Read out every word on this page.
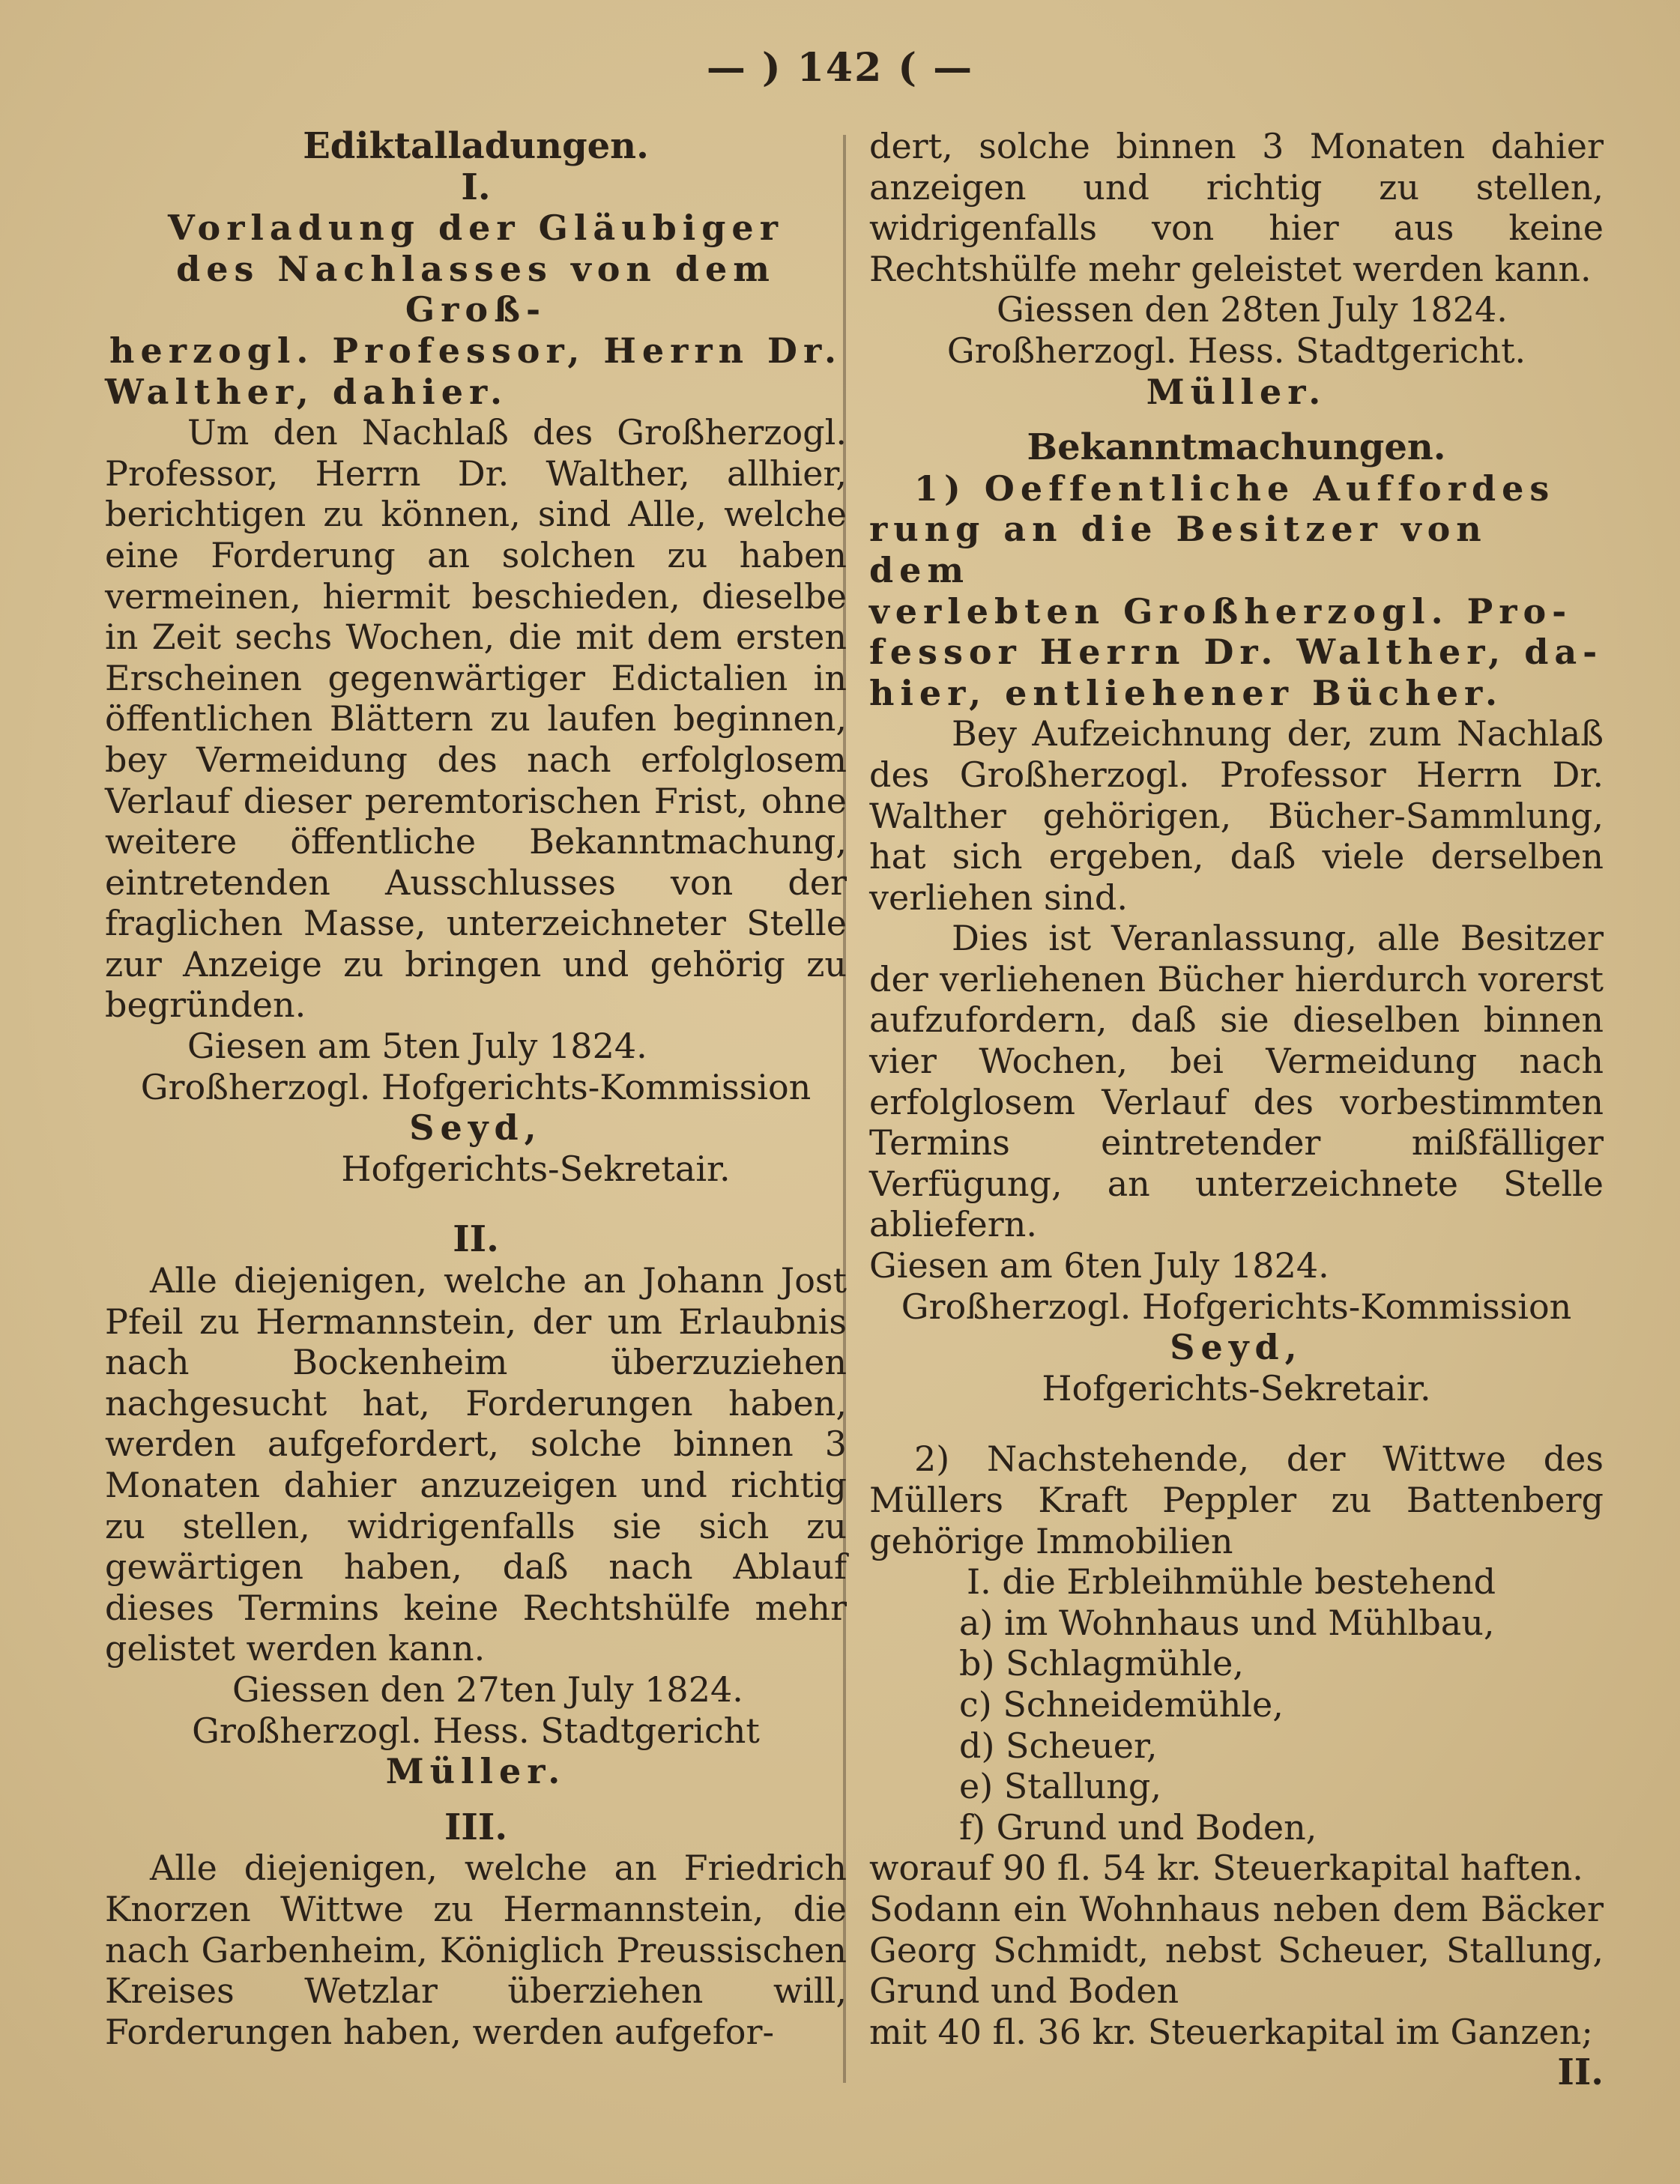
— ) 142 ( —

Ediktalladungen.

I.

Vorladung der Gläubiger

des Nachlasses von dem Groß-

herzogl. Professor, Herrn Dr.

Walther, dahier.

Um den Nachlaß des Großherzogl. Professor, Herrn Dr. Walther, allhier, berichtigen zu können, sind Alle, welche eine Forderung an solchen zu haben vermeinen, hiermit beschieden, dieselbe in Zeit sechs Wochen, die mit dem ersten Erscheinen gegenwärtiger Edictalien in öffentlichen Blättern zu laufen beginnen, bey Vermeidung des nach erfolglosem Verlauf dieser peremtorischen Frist, ohne weitere öffentliche Bekanntmachung, eintretenden Ausschlusses von der fraglichen Masse, unterzeichneter Stelle zur Anzeige zu bringen und gehörig zu begründen.

Giesen am 5ten July 1824.

Großherzogl. Hofgerichts-Kommission

Seyd,

Hofgerichts-Sekretair.

II.

Alle diejenigen, welche an Johann Jost Pfeil zu Hermannstein, der um Erlaubnis nach Bockenheim überzuziehen nachgesucht hat, Forderungen haben, werden aufgefordert, solche binnen 3 Monaten dahier anzuzeigen und richtig zu stellen, widrigenfalls sie sich zu gewärtigen haben, daß nach Ablauf dieses Termins keine Rechtshülfe mehr gelistet werden kann.

Giessen den 27ten July 1824.

Großherzogl. Hess. Stadtgericht

Müller.

III.

Alle diejenigen, welche an Friedrich Knorzen Wittwe zu Hermannstein, die nach Garbenheim, Königlich Preussischen Kreises Wetzlar überziehen will, Forderungen haben, werden aufgefor-

dert, solche binnen 3 Monaten dahier anzeigen und richtig zu stellen, widrigenfalls von hier aus keine Rechtshülfe mehr geleistet werden kann.

Giessen den 28ten July 1824.

Großherzogl. Hess. Stadtgericht.

Müller.

Bekanntmachungen.

1) Oeffentliche Auffordes

rung an die Besitzer von dem

verlebten Großherzogl. Pro-

fessor Herrn Dr. Walther, da-

hier, entliehener Bücher.

Bey Aufzeichnung der, zum Nachlaß des Großherzogl. Professor Herrn Dr. Walther gehörigen, Bücher-Sammlung, hat sich ergeben, daß viele derselben verliehen sind.

Dies ist Veranlassung, alle Besitzer der verliehenen Bücher hierdurch vorerst aufzufordern, daß sie dieselben binnen vier Wochen, bei Vermeidung nach erfolglosem Verlauf des vorbestimmten Termins eintretender mißfälliger Verfügung, an unterzeichnete Stelle abliefern.

Giesen am 6ten July 1824.

Großherzogl. Hofgerichts-Kommission

Seyd,

Hofgerichts-Sekretair.

2) Nachstehende, der Wittwe des Müllers Kraft Peppler zu Battenberg gehörige Immobilien

I. die Erbleihmühle bestehend

a) im Wohnhaus und Mühlbau,

b) Schlagmühle,

c) Schneidemühle,

d) Scheuer,

e) Stallung,

f) Grund und Boden,

worauf 90 fl. 54 kr. Steuerkapital haften.

Sodann ein Wohnhaus neben dem Bäcker Georg Schmidt, nebst Scheuer, Stallung, Grund und Boden

mit 40 fl. 36 kr. Steuerkapital im Ganzen;

II.
